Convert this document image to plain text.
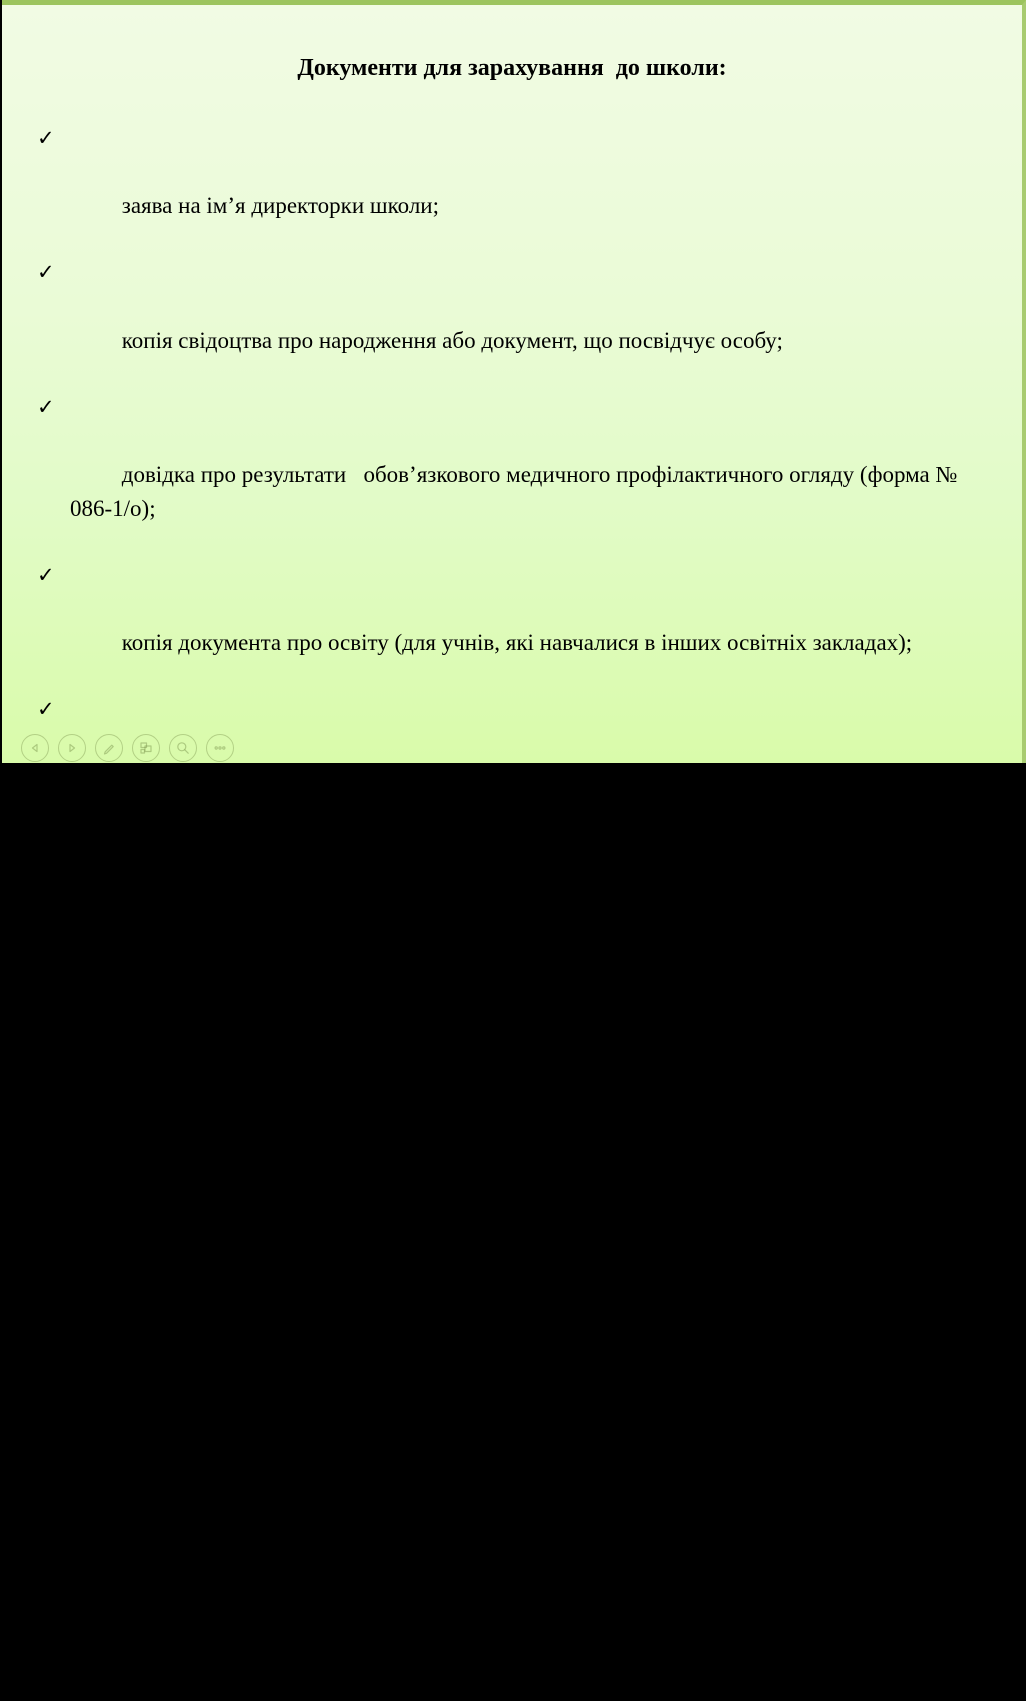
Документи для зарахування  до школи:

✓

заява на ім’я директорки школи;

✓

копія свідоцтва про народження або документ, що посвідчує особу;

✓

довідка про результати   обов’язкового медичного профілактичного огляду (форма № 086-1/о);

✓

копія документа про освіту (для учнів, які навчалися в інших освітніх закладах);

✓

висновок про комплексну психолого-педагогічну оцінку розвитку дитини, здійснену інклюзивно-ресурсним центром;

✓

копія документа, що підтверджує місце проживання/перебування дитини;

✓

індивідуальна програма реабілітації особи (дитини) з інвалідністю (за наявності);

✓

висновок сурдолога або отоларинголога ;

✓

висновок психіатра (для осіб з порушеннями інтелектуального розвитку);

✓

карта профілактичних щеплень (форма № 063/о);

✓

рішення органу опіки та піклування (для дітей-сиріт та дітей, позбавлених батьківського піклування.
